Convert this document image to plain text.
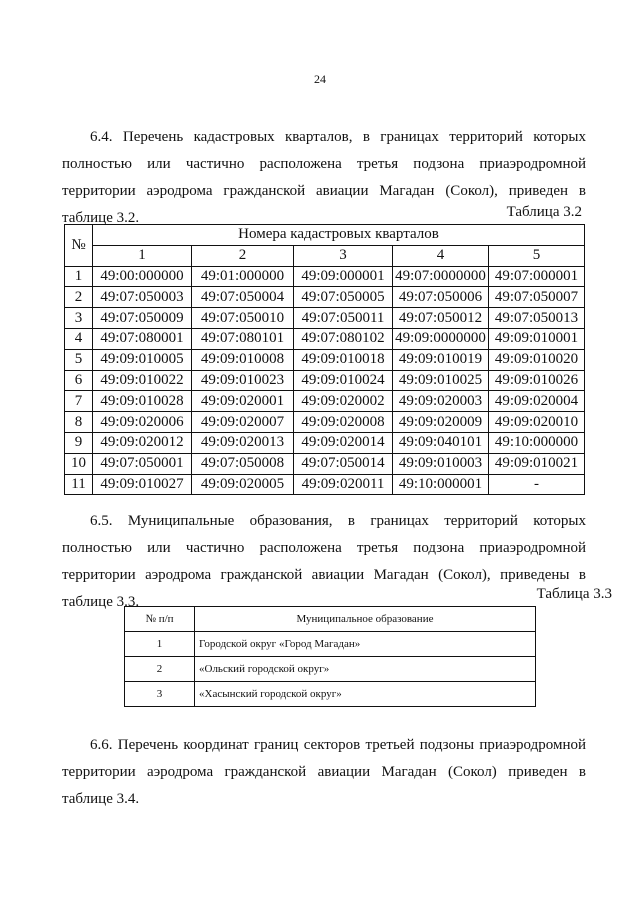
24

6.4. Перечень кадастровых кварталов, в границах территорий которых полностью или частично расположена третья подзона приаэродромной территории аэродрома гражданской авиации Магадан (Сокол), приведен в таблице 3.2.	Таблица 3.2
№	Номера кадастровых кварталов				
	1	2	3	4	5
1	49:00:000000	49:01:000000	49:09:000001	49:07:0000000	49:07:000001
2	49:07:050003	49:07:050004	49:07:050005	49:07:050006	49:07:050007
3	49:07:050009	49:07:050010	49:07:050011	49:07:050012	49:07:050013
4	49:07:080001	49:07:080101	49:07:080102	49:09:0000000	49:09:010001
5	49:09:010005	49:09:010008	49:09:010018	49:09:010019	49:09:010020
6	49:09:010022	49:09:010023	49:09:010024	49:09:010025	49:09:010026
7	49:09:010028	49:09:020001	49:09:020002	49:09:020003	49:09:020004
8	49:09:020006	49:09:020007	49:09:020008	49:09:020009	49:09:020010
9	49:09:020012	49:09:020013	49:09:020014	49:09:040101	49:10:000000
10	49:07:050001	49:07:050008	49:07:050014	49:09:010003	49:09:010021
11	49:09:010027	49:09:020005	49:09:020011	49:10:000001	-

6.5. Муниципальные образования, в границах территорий которых полностью или частично расположена третья подзона приаэродромной территории аэродрома гражданской авиации Магадан (Сокол), приведены в таблице 3.3.	Таблица 3.3
№ п/п	Муниципальное образование
1	Городской округ «Город Магадан»
2	«Ольский городской округ»
3	«Хасынский городской округ»

6.6. Перечень координат границ секторов третьей подзоны приаэродромной территории аэродрома гражданской авиации Магадан (Сокол) приведен в таблице 3.4.
